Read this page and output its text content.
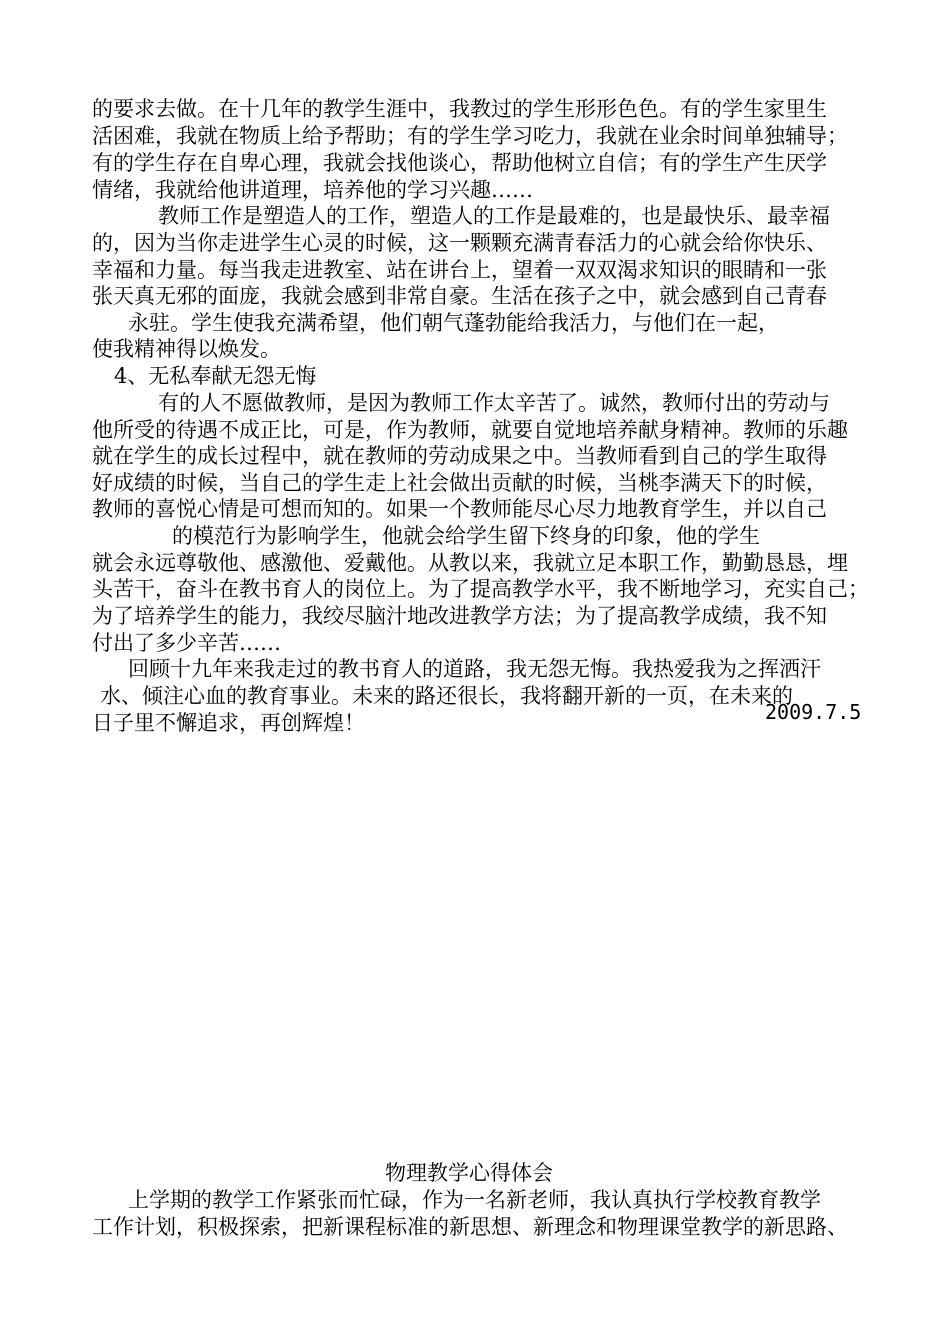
的要求去做。在十几年的教学生涯中，我教过的学生形形色色。有的学生家里生
活困难，我就在物质上给予帮助；有的学生学习吃力，我就在业余时间单独辅导；
有的学生存在自卑心理，我就会找他谈心，帮助他树立自信；有的学生产生厌学
情绪，我就给他讲道理，培养他的学习兴趣……
教师工作是塑造人的工作，塑造人的工作是最难的，也是最快乐、最幸福
的，因为当你走进学生心灵的时候，这一颗颗充满青春活力的心就会给你快乐、
幸福和力量。每当我走进教室、站在讲台上，望着一双双渴求知识的眼睛和一张
张天真无邪的面庞，我就会感到非常自豪。生活在孩子之中，就会感到自己青春
永驻。学生使我充满希望，他们朝气蓬勃能给我活力，与他们在一起，
使我精神得以焕发。
4、无私奉献无怨无悔
有的人不愿做教师，是因为教师工作太辛苦了。诚然，教师付出的劳动与
他所受的待遇不成正比，可是，作为教师，就要自觉地培养献身精神。教师的乐趣
就在学生的成长过程中，就在教师的劳动成果之中。当教师看到自己的学生取得
好成绩的时候，当自己的学生走上社会做出贡献的时候，当桃李满天下的时候，
教师的喜悦心情是可想而知的。如果一个教师能尽心尽力地教育学生，并以自己
的模范行为影响学生，他就会给学生留下终身的印象，他的学生
就会永远尊敬他、感激他、爱戴他。从教以来，我就立足本职工作，勤勤恳恳，埋
头苦干，奋斗在教书育人的岗位上。为了提高教学水平，我不断地学习，充实自己；
为了培养学生的能力，我绞尽脑汁地改进教学方法；为了提高教学成绩，我不知
付出了多少辛苦……
回顾十九年来我走过的教书育人的道路，我无怨无悔。我热爱我为之挥洒汗
水、倾注心血的教育事业。未来的路还很长，我将翻开新的一页，在未来的
日子里不懈追求，再创辉煌！	2009.7.5
物理教学心得体会
上学期的教学工作紧张而忙碌，作为一名新老师，我认真执行学校教育教学
工作计划，积极探索，把新课程标准的新思想、新理念和物理课堂教学的新思路、
